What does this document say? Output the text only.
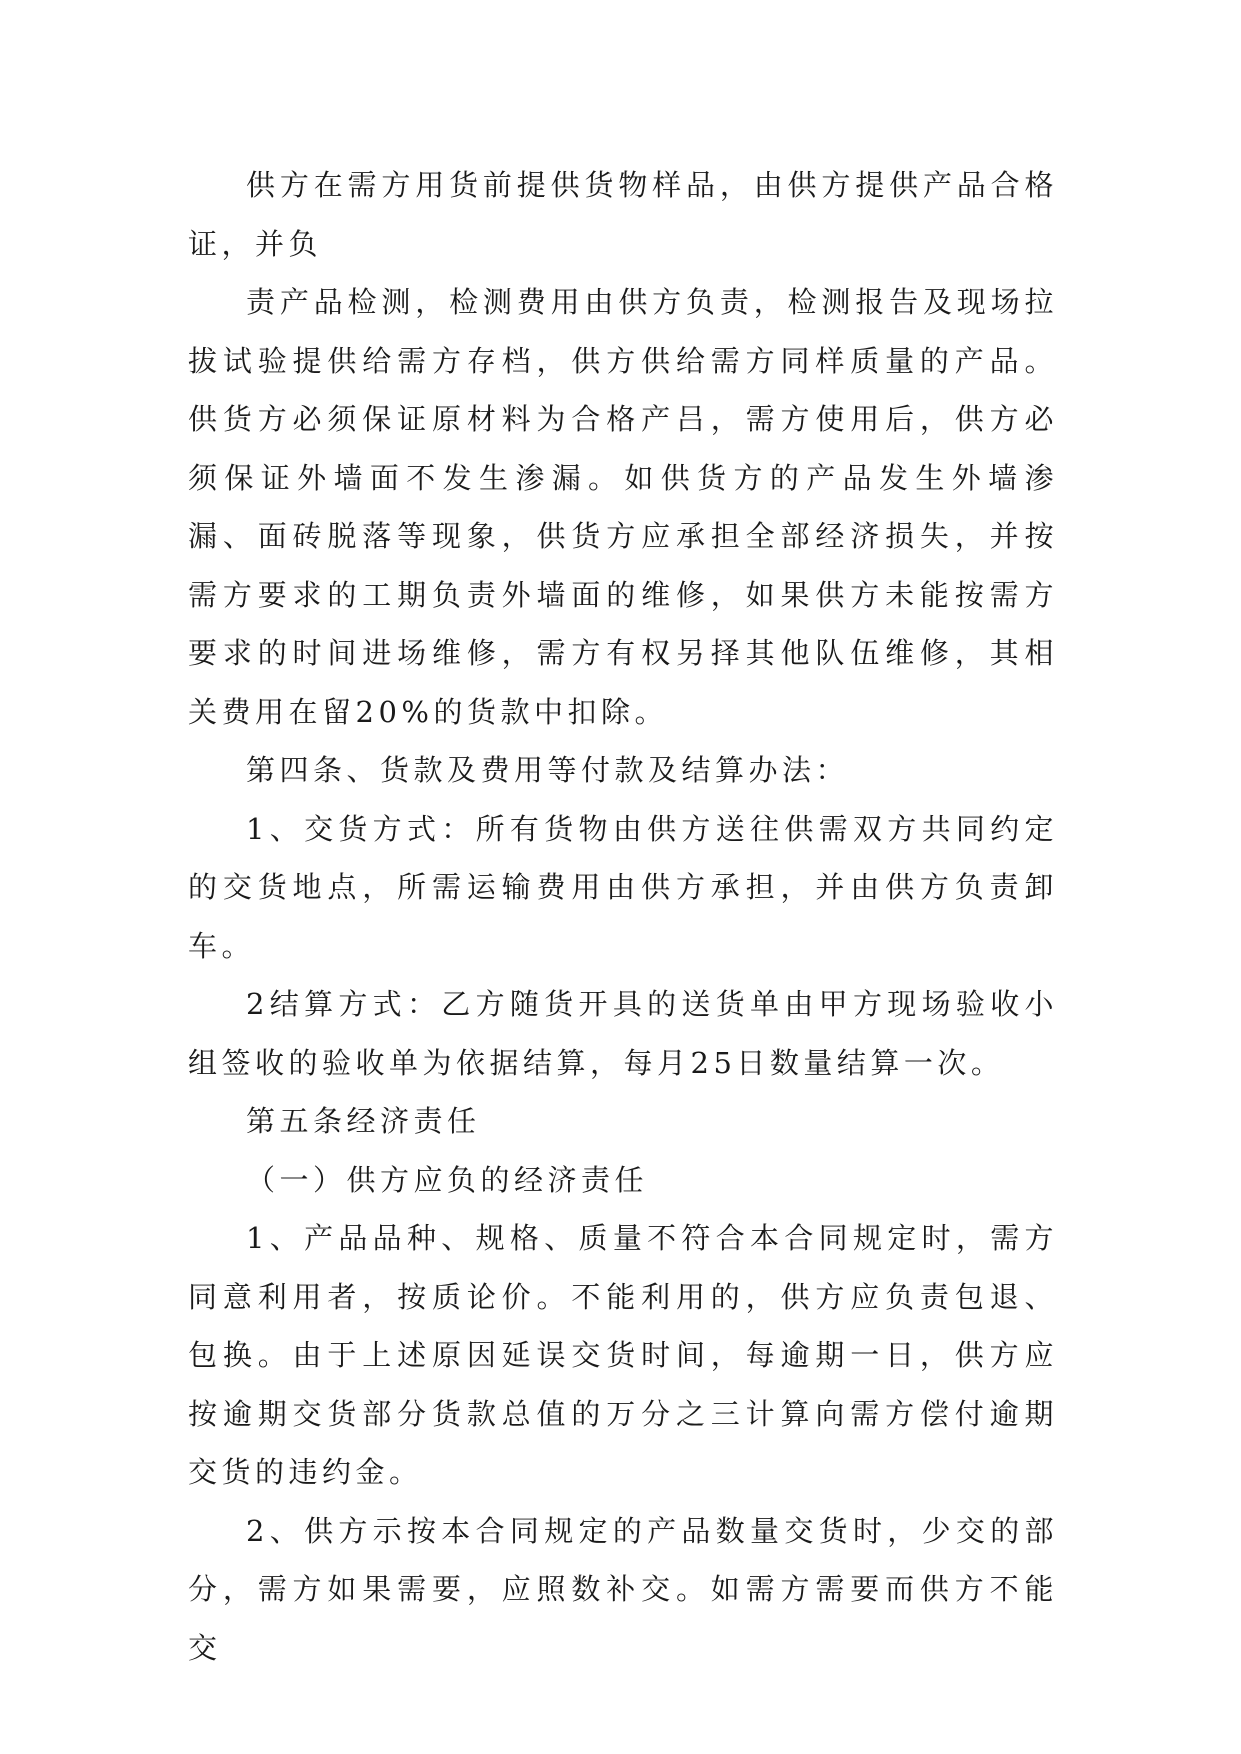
供方在需方用货前提供货物样品，由供方提供产品合格证，并负

责产品检测，检测费用由供方负责，检测报告及现场拉拔试验提供给需方存档，供方供给需方同样质量的产品。供货方必须保证原材料为合格产吕，需方使用后，供方必须保证外墙面不发生渗漏。如供货方的产品发生外墙渗漏、面砖脱落等现象，供货方应承担全部经济损失，并按需方要求的工期负责外墙面的维修，如果供方未能按需方要求的时间进场维修，需方有权另择其他队伍维修，其相关费用在留20%的货款中扣除。

第四条、货款及费用等付款及结算办法：

1、交货方式：所有货物由供方送往供需双方共同约定的交货地点，所需运输费用由供方承担，并由供方负责卸车。

2结算方式：乙方随货开具的送货单由甲方现场验收小组签收的验收单为依据结算，每月25日数量结算一次。

第五条经济责任

（一）供方应负的经济责任

1、产品品种、规格、质量不符合本合同规定时，需方同意利用者，按质论价。不能利用的，供方应负责包退、包换。由于上述原因延误交货时间，每逾期一日，供方应按逾期交货部分货款总值的万分之三计算向需方偿付逾期交货的违约金。

2、供方示按本合同规定的产品数量交货时，少交的部分，需方如果需要，应照数补交。如需方需要而供方不能交
